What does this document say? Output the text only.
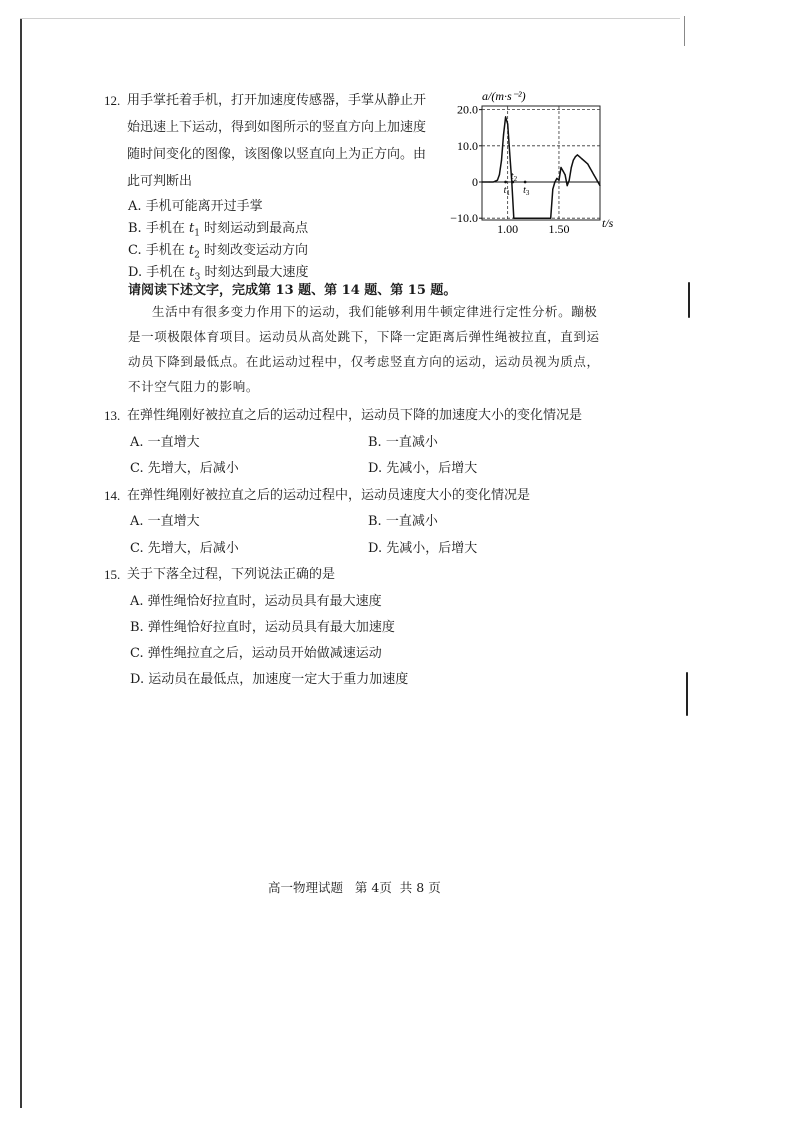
12. 用手掌托着手机，打开加速度传感器，手掌从静止开
始迅速上下运动，得到如图所示的竖直方向上加速度
随时间变化的图像，该图像以竖直向上为正方向。由
此可判断出
A. 手机可能离开过手掌
B. 手机在 $t_1$ 时刻运动到最高点
C. 手机在 $t_2$ 时刻改变运动方向
D. 手机在 $t_3$ 时刻达到最大速度
a/(m·s⁻²)
t/s
20.0
10.0
0
−10.0
1.00	1.50
$t_1$
$t_2$
$t_3$
请阅读下述文字，完成第 13 题、第 14 题、第 15 题。
生活中有很多变力作用下的运动，我们能够利用牛顿定律进行定性分析。蹦极
是一项极限体育项目。运动员从高处跳下，下降一定距离后弹性绳被拉直，直到运
动员下降到最低点。在此运动过程中，仅考虑竖直方向的运动，运动员视为质点，
不计空气阻力的影响。
13. 在弹性绳刚好被拉直之后的运动过程中，运动员下降的加速度大小的变化情况是
A. 一直增大	B. 一直减小
C. 先增大，后减小	D. 先减小，后增大
14. 在弹性绳刚好被拉直之后的运动过程中，运动员速度大小的变化情况是
A. 一直增大	B. 一直减小
C. 先增大，后减小	D. 先减小，后增大
15. 关于下落全过程，下列说法正确的是
A. 弹性绳恰好拉直时，运动员具有最大速度
B. 弹性绳恰好拉直时，运动员具有最大加速度
C. 弹性绳拉直之后，运动员开始做减速运动
D. 运动员在最低点，加速度一定大于重力加速度
高一物理试题   第 4页  共 8 页
